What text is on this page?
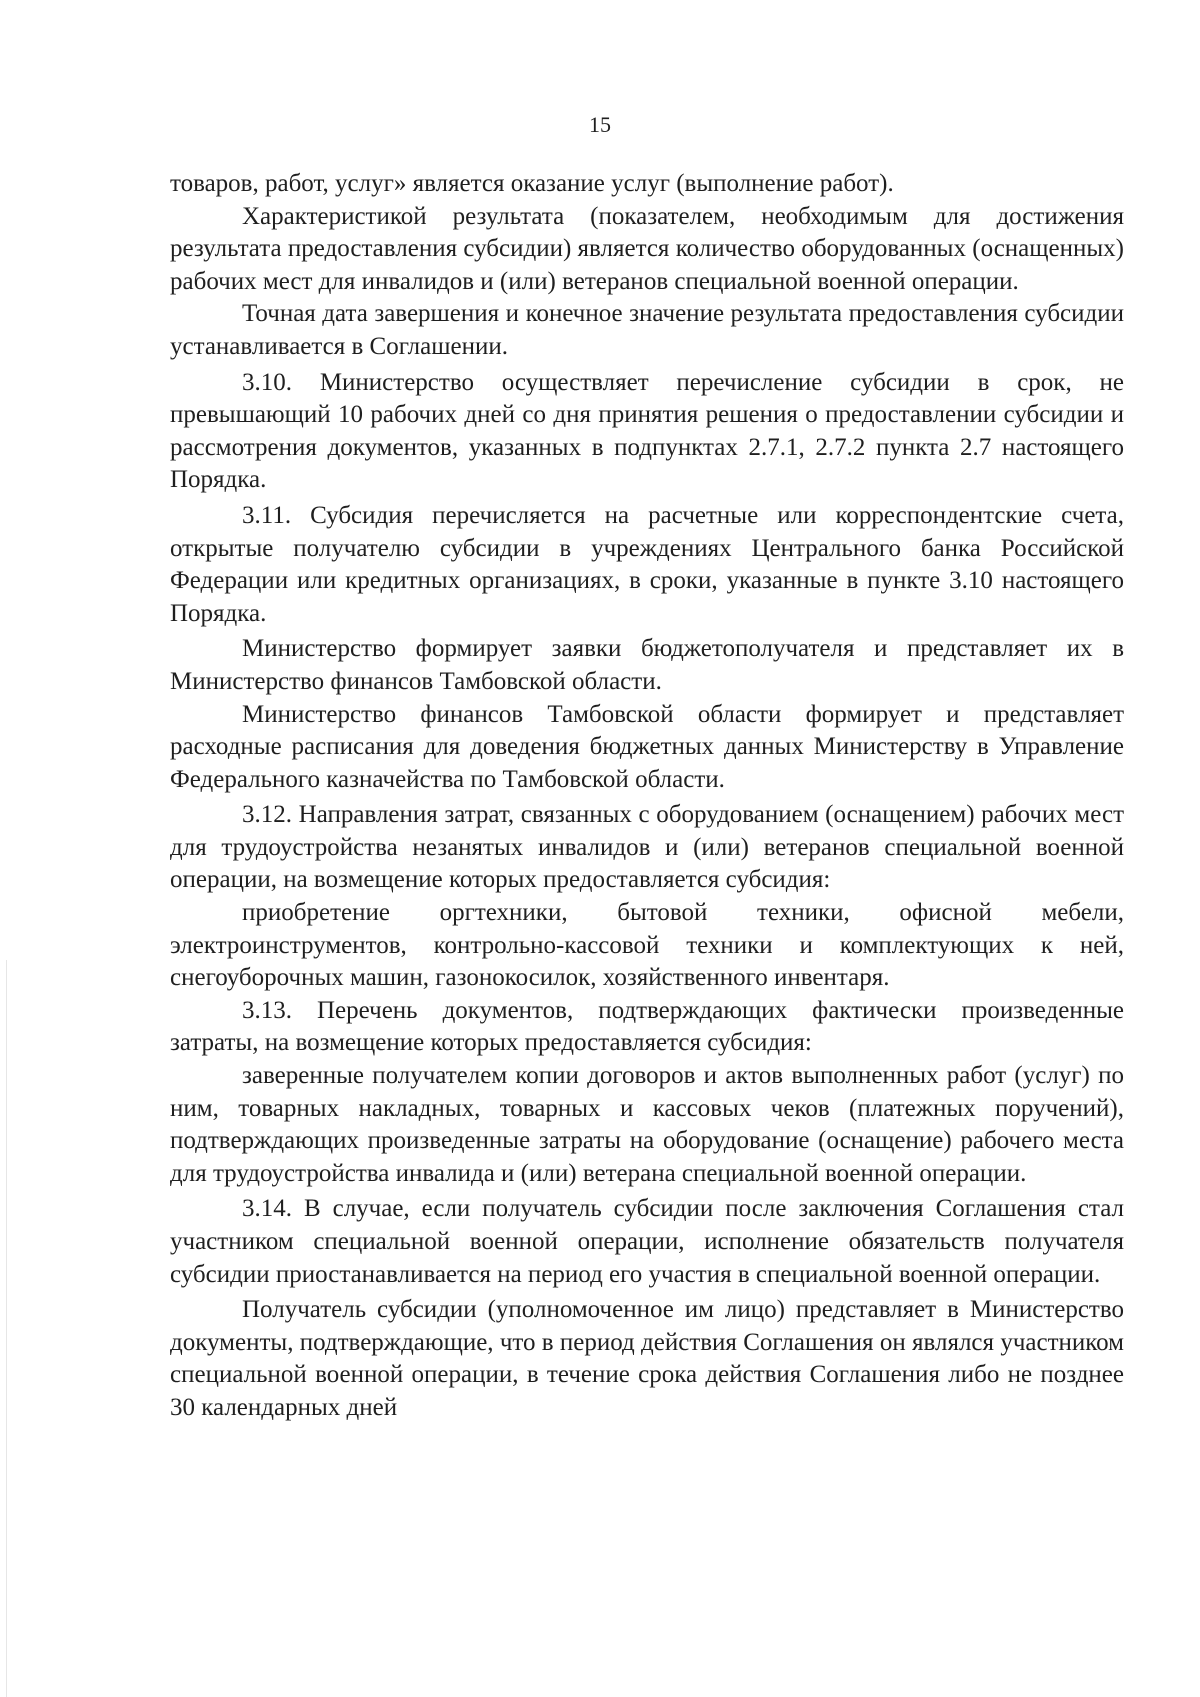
15

товаров, работ, услуг» является оказание услуг (выполнение работ).

Характеристикой результата (показателем, необходимым для достижения результата предоставления субсидии) является количество оборудованных (оснащенных) рабочих мест для инвалидов и (или) ветеранов специальной военной операции.

Точная дата завершения и конечное значение результата предоставления субсидии устанавливается в Соглашении.

3.10. Министерство осуществляет перечисление субсидии в срок, не превышающий 10 рабочих дней со дня принятия решения о предоставлении субсидии и рассмотрения документов, указанных в подпунктах 2.7.1, 2.7.2 пункта 2.7 настоящего Порядка.

3.11. Субсидия перечисляется на расчетные или корреспондентские счета, открытые получателю субсидии в учреждениях Центрального банка Российской Федерации или кредитных организациях, в сроки, указанные в пункте 3.10 настоящего Порядка.

Министерство формирует заявки бюджетополучателя и представляет их в Министерство финансов Тамбовской области.

Министерство финансов Тамбовской области формирует и представляет расходные расписания для доведения бюджетных данных Министерству в Управление Федерального казначейства по Тамбовской области.

3.12. Направления затрат, связанных с оборудованием (оснащением) рабочих мест для трудоустройства незанятых инвалидов и (или) ветеранов специальной военной операции, на возмещение которых предоставляется субсидия:

приобретение оргтехники, бытовой техники, офисной мебели, электроинструментов, контрольно-кассовой техники и комплектующих к ней, снегоуборочных машин, газонокосилок, хозяйственного инвентаря.

3.13. Перечень документов, подтверждающих фактически произведенные затраты, на возмещение которых предоставляется субсидия:

заверенные получателем копии договоров и актов выполненных работ (услуг) по ним, товарных накладных, товарных и кассовых чеков (платежных поручений), подтверждающих произведенные затраты на оборудование (оснащение) рабочего места для трудоустройства инвалида и (или) ветерана специальной военной операции.

3.14. В случае, если получатель субсидии после заключения Соглашения стал участником специальной военной операции, исполнение обязательств получателя субсидии приостанавливается на период его участия в специальной военной операции.

Получатель субсидии (уполномоченное им лицо) представляет в Министерство документы, подтверждающие, что в период действия Соглашения он являлся участником специальной военной операции, в течение срока действия Соглашения либо не позднее 30 календарных дней
